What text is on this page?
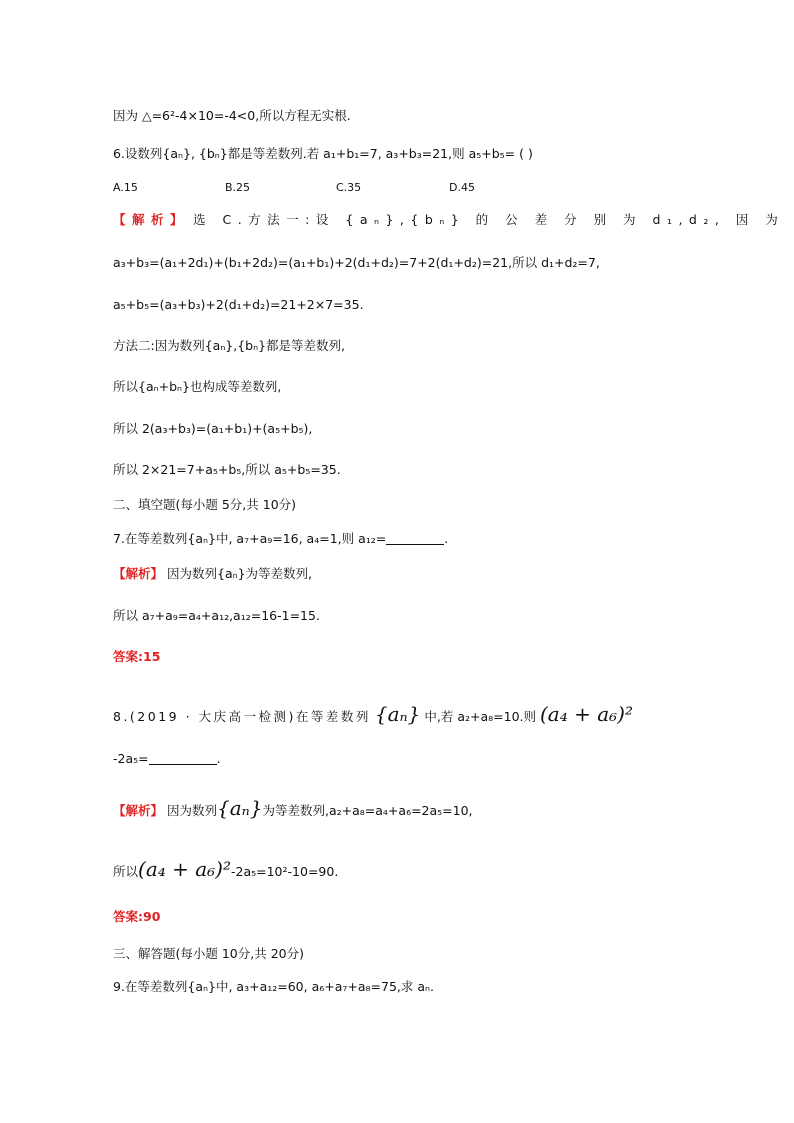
因为 △=6²-4×10=-4<0,所以方程无实根.
6.设数列{aₙ}, {bₙ}都是等差数列.若 a₁+b₁=7, a₃+b₃=21,则 a₅+b₅= ( )
A.15	B.25	C.35	D.45
【解析】 选 C.方法一:设 {aₙ},{bₙ} 的 公 差 分 别 为 d₁,d₂, 因 为
a₃+b₃=(a₁+2d₁)+(b₁+2d₂)=(a₁+b₁)+2(d₁+d₂)=7+2(d₁+d₂)=21,所以 d₁+d₂=7,
a₅+b₅=(a₃+b₃)+2(d₁+d₂)=21+2×7=35.
方法二:因为数列{aₙ},{bₙ}都是等差数列,
所以{aₙ+bₙ}也构成等差数列,
所以 2(a₃+b₃)=(a₁+b₁)+(a₅+b₅),
所以 2×21=7+a₅+b₅,所以 a₅+b₅=35.
二、填空题(每小题 5分,共 10分)
7.在等差数列{aₙ}中, a₇+a₉=16, a₄=1,则 a₁₂=	.
【解析】 因为数列{aₙ}为等差数列,
所以 a₇+a₉=a₄+a₁₂,a₁₂=16-1=15.
答案:15
8.(2019 · 大庆高一检测)在等差数列 {aₙ} 中,若 a₂+a₈=10.则 (a₄ + a₆)²
-2a₅=	.
【解析】 因为数列{aₙ}为等差数列,a₂+a₈=a₄+a₆=2a₅=10,
所以(a₄ + a₆)²-2a₅=10²-10=90.
答案:90
三、解答题(每小题 10分,共 20分)
9.在等差数列{aₙ}中, a₃+a₁₂=60, a₆+a₇+a₈=75,求 aₙ.
